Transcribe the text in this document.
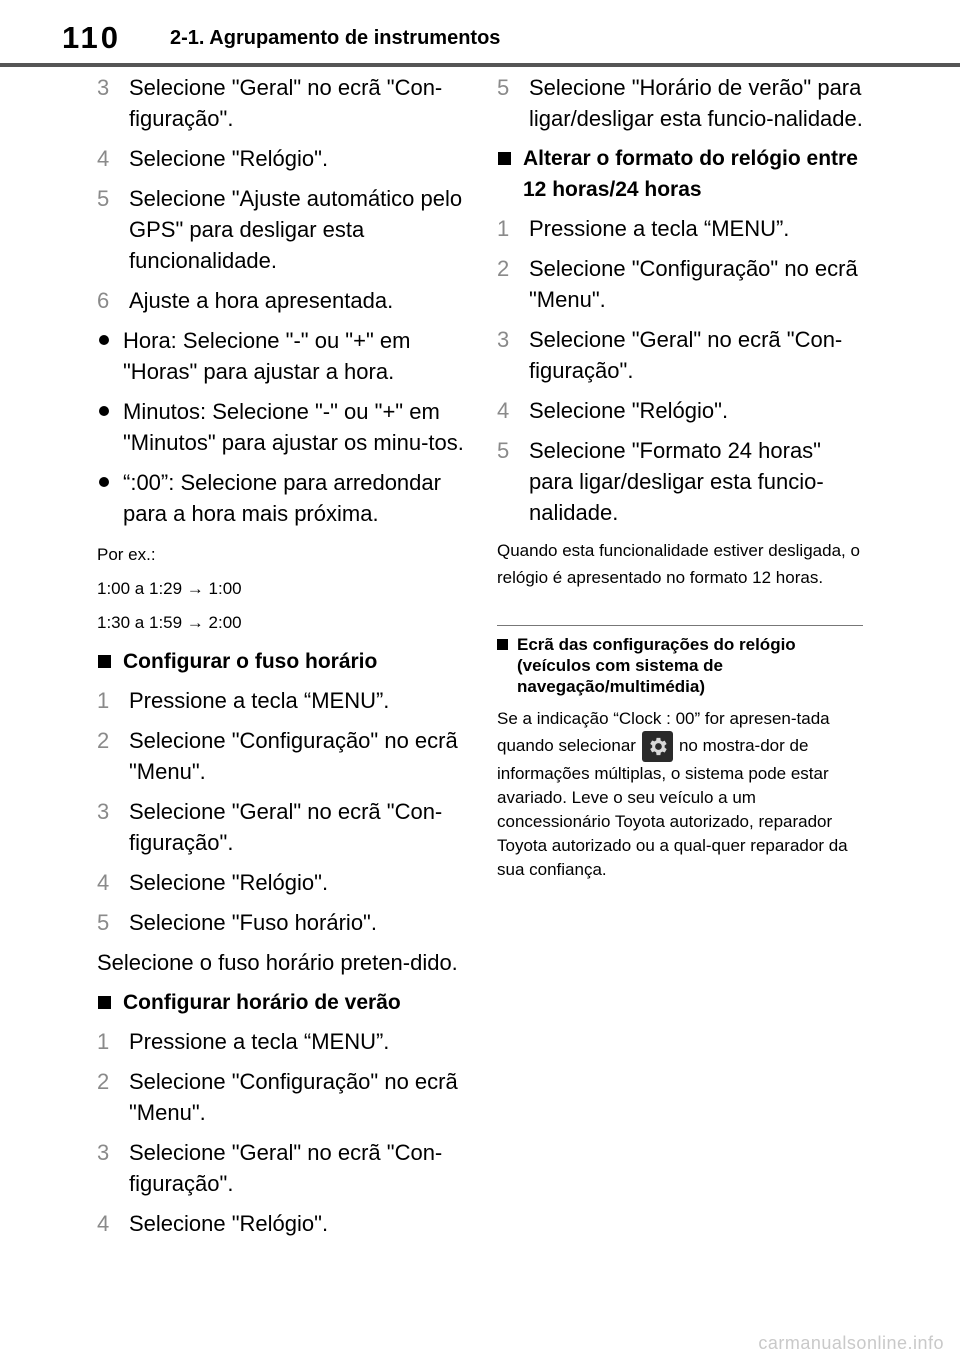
110 2-1. Agrupamento de instrumentos
3 Selecione "Geral" no ecrã "Con-figuração".
4 Selecione "Relógio".
5 Selecione "Ajuste automático pelo GPS" para desligar esta funcionalidade.
6 Ajuste a hora apresentada.
Hora: Selecione "-" ou "+" em "Horas" para ajustar a hora.
Minutos: Selecione "-" ou "+" em "Minutos" para ajustar os minu-tos.
“:00”: Selecione para arredondar para a hora mais próxima.

Por ex.:

1:00 a 1:29 → 1:00

1:30 a 1:59 → 2:00

Configurar o fuso horário
1 Pressione a tecla “MENU”.
2 Selecione "Configuração" no ecrã "Menu".
3 Selecione "Geral" no ecrã "Con-figuração".
4 Selecione "Relógio".
5 Selecione "Fuso horário".

Selecione o fuso horário preten-dido.

Configurar horário de verão
1 Pressione a tecla “MENU”.
2 Selecione "Configuração" no ecrã "Menu".
3 Selecione "Geral" no ecrã "Con-figuração".
4 Selecione "Relógio".
5 Selecione "Horário de verão" para ligar/desligar esta funcio-nalidade.
Alterar o formato do relógio entre 12 horas/24 horas
1 Pressione a tecla “MENU”.
2 Selecione "Configuração" no ecrã "Menu".
3 Selecione "Geral" no ecrã "Con-figuração".
4 Selecione "Relógio".
5 Selecione "Formato 24 horas" para ligar/desligar esta funcio-nalidade.

Quando esta funcionalidade estiver desligada, o relógio é apresentado no formato 12 horas.

Ecrã das configurações do relógio (veículos com sistema de navegação/multimédia)

Se a indicação “Clock : 00” for apresen-tada quando selecionar	no mostra-dor de informações múltiplas, o sistema pode estar avariado. Leve o seu veículo a um concessionário Toyota autorizado, reparador Toyota autorizado ou a qual-quer reparador da sua confiança.

carmanualsonline.info
